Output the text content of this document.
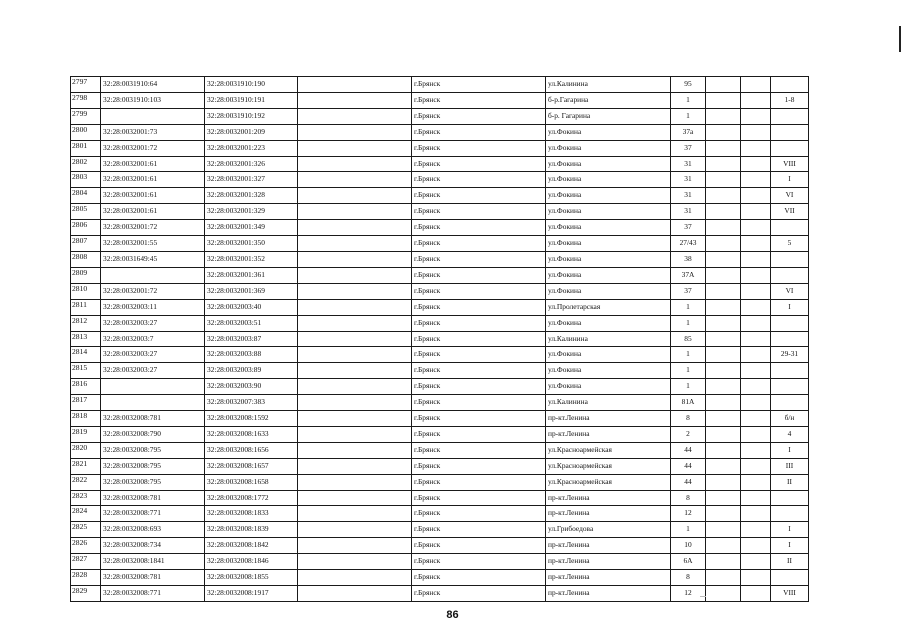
2797	32:28:0031910:64	32:28:0031910:190		г.Брянск	ул.Калинина	95			
2798	32:28:0031910:103	32:28:0031910:191		г.Брянск	б-р.Гагарина	1			1-8
2799		32:28:0031910:192		г.Брянск	б-р. Гагарина	1			
2800	32:28:0032001:73	32:28:0032001:209		г.Брянск	ул.Фокина	37а			
2801	32:28:0032001:72	32:28:0032001:223		г.Брянск	ул.Фокина	37			
2802	32:28:0032001:61	32:28:0032001:326		г.Брянск	ул.Фокина	31			VIII
2803	32:28:0032001:61	32:28:0032001:327		г.Брянск	ул.Фокина	31			I
2804	32:28:0032001:61	32:28:0032001:328		г.Брянск	ул.Фокина	31			VI
2805	32:28:0032001:61	32:28:0032001:329		г.Брянск	ул.Фокина	31			VII
2806	32:28:0032001:72	32:28:0032001:349		г.Брянск	ул.Фокина	37			
2807	32:28:0032001:55	32:28:0032001:350		г.Брянск	ул.Фокина	27/43			5
2808	32:28:0031649:45	32:28:0032001:352		г.Брянск	ул.Фокина	38			
2809		32:28:0032001:361		г.Брянск	ул.Фокина	37А			
2810	32:28:0032001:72	32:28:0032001:369		г.Брянск	ул.Фокина	37			VI
2811	32:28:0032003:11	32:28:0032003:40		г.Брянск	ул.Пролетарская	1			I
2812	32:28:0032003:27	32:28:0032003:51		г.Брянск	ул.Фокина	1			
2813	32:28:0032003:7	32:28:0032003:87		г.Брянск	ул.Калинина	85			
2814	32:28:0032003:27	32:28:0032003:88		г.Брянск	ул.Фокина	1			29-31
2815	32:28:0032003:27	32:28:0032003:89		г.Брянск	ул.Фокина	1			
2816		32:28:0032003:90		г.Брянск	ул.Фокина	1			
2817		32:28:0032007:383		г.Брянск	ул.Калинина	81А			
2818	32:28:0032008:781	32:28:0032008:1592		г.Брянск	пр-кт.Ленина	8			б/н
2819	32:28:0032008:790	32:28:0032008:1633		г.Брянск	пр-кт.Ленина	2			4
2820	32:28:0032008:795	32:28:0032008:1656		г.Брянск	ул.Красноармейская	44			I
2821	32:28:0032008:795	32:28:0032008:1657		г.Брянск	ул.Красноармейская	44			III
2822	32:28:0032008:795	32:28:0032008:1658		г.Брянск	ул.Красноармейская	44			II
2823	32:28:0032008:781	32:28:0032008:1772		г.Брянск	пр-кт.Ленина	8			
2824	32:28:0032008:771	32:28:0032008:1833		г.Брянск	пр-кт.Ленина	12			
2825	32:28:0032008:693	32:28:0032008:1839		г.Брянск	ул.Грибоедова	1			I
2826	32:28:0032008:734	32:28:0032008:1842		г.Брянск	пр-кт.Ленина	10			I
2827	32:28:0032008:1841	32:28:0032008:1846		г.Брянск	пр-кт.Ленина	6А			II
2828	32:28:0032008:781	32:28:0032008:1855		г.Брянск	пр-кт.Ленина	8			
2829	32:28:0032008:771	32:28:0032008:1917		г.Брянск	пр-кт.Ленина	12			VIII
86
